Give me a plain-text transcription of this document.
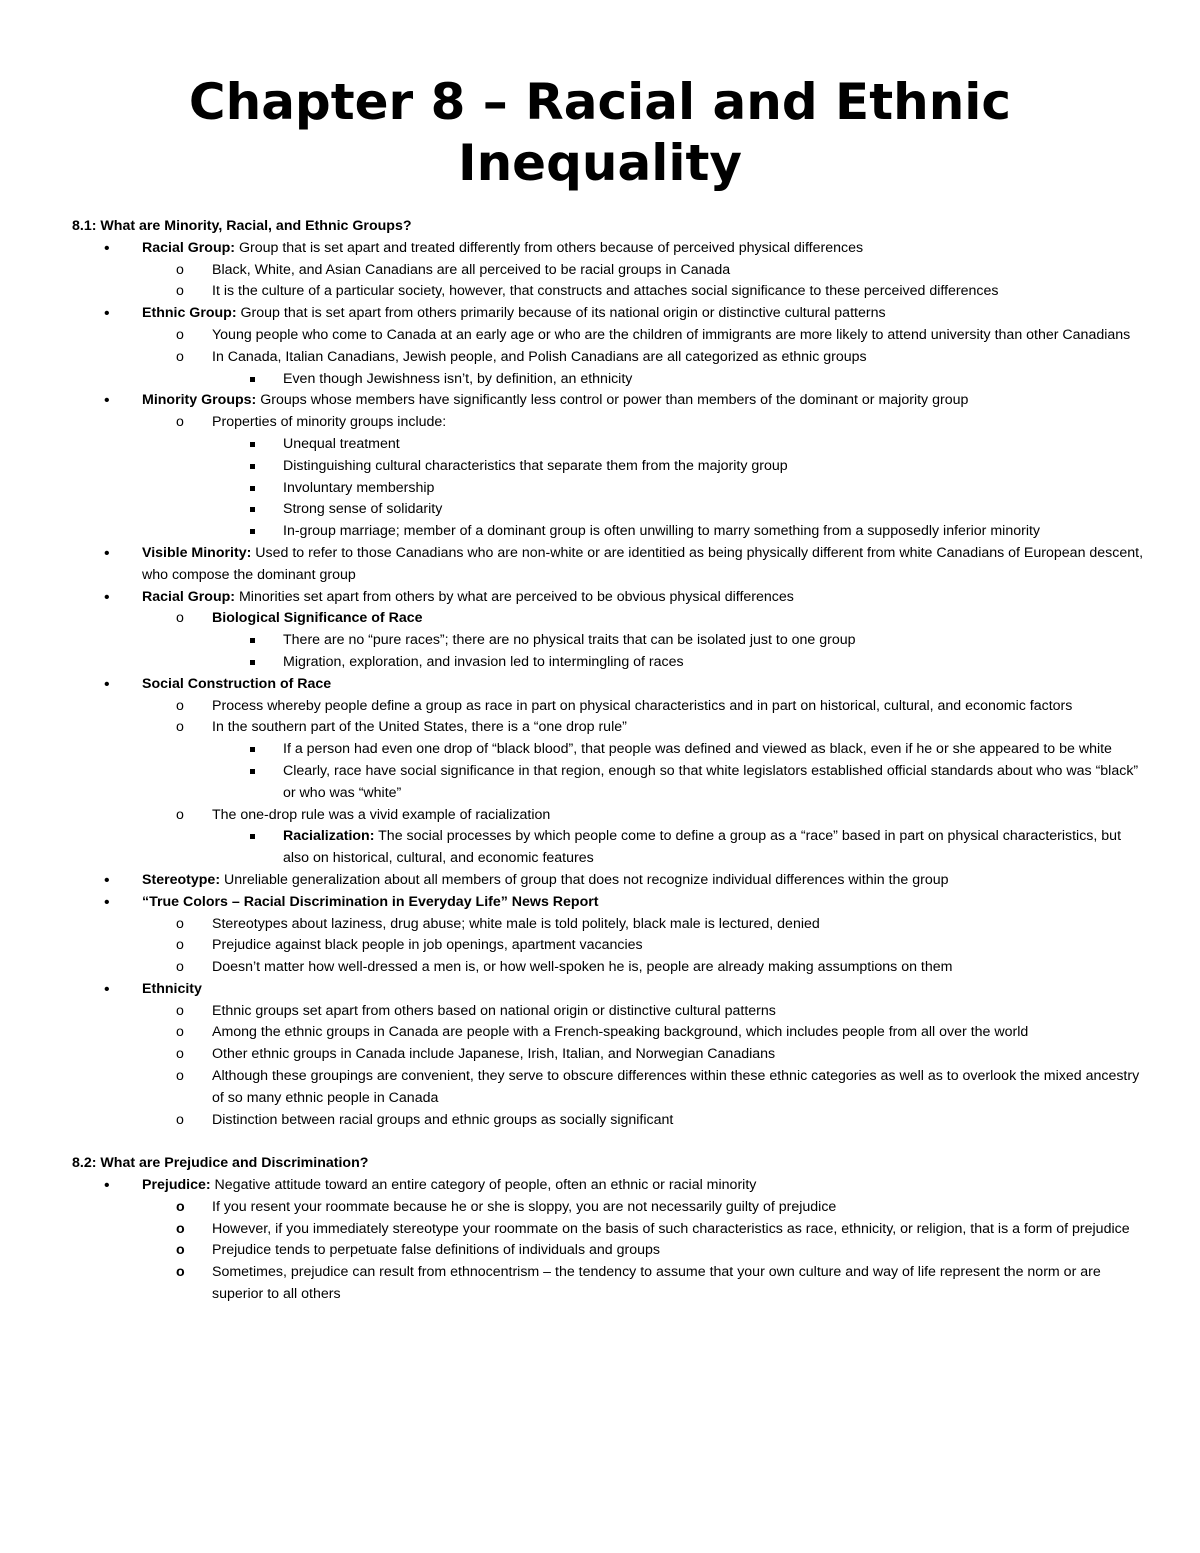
Chapter 8 – Racial and Ethnic Inequality
8.1: What are Minority, Racial, and Ethnic Groups?
• Racial Group: Group that is set apart and treated differently from others because of perceived physical differences
o Black, White, and Asian Canadians are all perceived to be racial groups in Canada
o It is the culture of a particular society, however, that constructs and attaches social significance to these perceived differences
• Ethnic Group: Group that is set apart from others primarily because of its national origin or distinctive cultural patterns
o Young people who come to Canada at an early age or who are the children of immigrants are more likely to attend university than other Canadians
o In Canada, Italian Canadians, Jewish people, and Polish Canadians are all categorized as ethnic groups
Even though Jewishness isn’t, by definition, an ethnicity
• Minority Groups: Groups whose members have significantly less control or power than members of the dominant or majority group
o Properties of minority groups include:
Unequal treatment
Distinguishing cultural characteristics that separate them from the majority group
Involuntary membership
Strong sense of solidarity
In-group marriage; member of a dominant group is often unwilling to marry something from a supposedly inferior minority
• Visible Minority: Used to refer to those Canadians who are non-white or are identitied as being physically different from white Canadians of European descent, who compose the dominant group
• Racial Group: Minorities set apart from others by what are perceived to be obvious physical differences
o Biological Significance of Race
There are no “pure races”; there are no physical traits that can be isolated just to one group
Migration, exploration, and invasion led to intermingling of races
• Social Construction of Race
o Process whereby people define a group as race in part on physical characteristics and in part on historical, cultural, and economic factors
o In the southern part of the United States, there is a “one drop rule”
If a person had even one drop of “black blood”, that people was defined and viewed as black, even if he or she appeared to be white
Clearly, race have social significance in that region, enough so that white legislators established official standards about who was “black” or who was “white”
o The one-drop rule was a vivid example of racialization
Racialization: The social processes by which people come to define a group as a “race” based in part on physical characteristics, but also on historical, cultural, and economic features
• Stereotype: Unreliable generalization about all members of group that does not recognize individual differences within the group
• “True Colors – Racial Discrimination in Everyday Life” News Report
o Stereotypes about laziness, drug abuse; white male is told politely, black male is lectured, denied
o Prejudice against black people in job openings, apartment vacancies
o Doesn’t matter how well-dressed a men is, or how well-spoken he is, people are already making assumptions on them
• Ethnicity
o Ethnic groups set apart from others based on national origin or distinctive cultural patterns
o Among the ethnic groups in Canada are people with a French-speaking background, which includes people from all over the world
o Other ethnic groups in Canada include Japanese, Irish, Italian, and Norwegian Canadians
o Although these groupings are convenient, they serve to obscure differences within these ethnic categories as well as to overlook the mixed ancestry of so many ethnic people in Canada
o Distinction between racial groups and ethnic groups as socially significant
8.2: What are Prejudice and Discrimination?
• Prejudice: Negative attitude toward an entire category of people, often an ethnic or racial minority
o If you resent your roommate because he or she is sloppy, you are not necessarily guilty of prejudice
o However, if you immediately stereotype your roommate on the basis of such characteristics as race, ethnicity, or religion, that is a form of prejudice
o Prejudice tends to perpetuate false definitions of individuals and groups
o Sometimes, prejudice can result from ethnocentrism – the tendency to assume that your own culture and way of life represent the norm or are superior to all others
